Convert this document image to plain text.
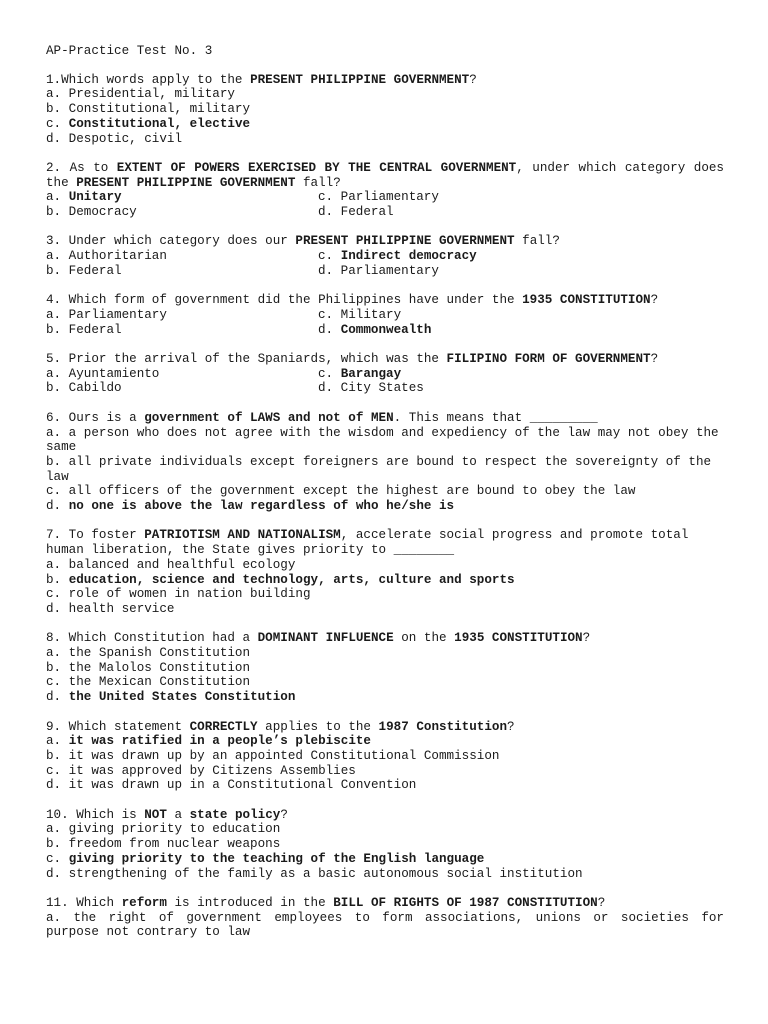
AP-Practice Test No. 3
1.Which words apply to the PRESENT PHILIPPINE GOVERNMENT?
a. Presidential, military
b. Constitutional, military
c. Constitutional, elective
d. Despotic, civil
2. As to EXTENT OF POWERS EXERCISED BY THE CENTRAL GOVERNMENT, under which category does the PRESENT PHILIPPINE GOVERNMENT fall?
a. Unitary	c. Parliamentary
b. Democracy	d. Federal
3. Under which category does our PRESENT PHILIPPINE GOVERNMENT fall?
a. Authoritarian	c. Indirect democracy
b. Federal	d. Parliamentary
4. Which form of government did the Philippines have under the 1935 CONSTITUTION?
a. Parliamentary	c. Military
b. Federal	d. Commonwealth
5. Prior the arrival of the Spaniards, which was the FILIPINO FORM OF GOVERNMENT?
a. Ayuntamiento	c. Barangay
b. Cabildo	d. City States
6. Ours is a government of LAWS and not of MEN. This means that _________
a. a person who does not agree with the wisdom and expediency of the law may not obey the same
b. all private individuals except foreigners are bound to respect the sovereignty of the law
c. all officers of the government except the highest are bound to obey the law
d. no one is above the law regardless of who he/she is
7. To foster PATRIOTISM AND NATIONALISM, accelerate social progress and promote total human liberation, the State gives priority to ________
a. balanced and healthful ecology
b. education, science and technology, arts, culture and sports
c. role of women in nation building
d. health service
8. Which Constitution had a DOMINANT INFLUENCE on the 1935 CONSTITUTION?
a. the Spanish Constitution
b. the Malolos Constitution
c. the Mexican Constitution
d. the United States Constitution
9. Which statement CORRECTLY applies to the 1987 Constitution?
a. it was ratified in a people’s plebiscite
b. it was drawn up by an appointed Constitutional Commission
c. it was approved by Citizens Assemblies
d. it was drawn up in a Constitutional Convention
10. Which is NOT a state policy?
a. giving priority to education
b. freedom from nuclear weapons
c. giving priority to the teaching of the English language
d. strengthening of the family as a basic autonomous social institution
11. Which reform is introduced in the BILL OF RIGHTS OF 1987 CONSTITUTION?
a. the right of government employees to form associations, unions or societies for purpose not contrary to law
